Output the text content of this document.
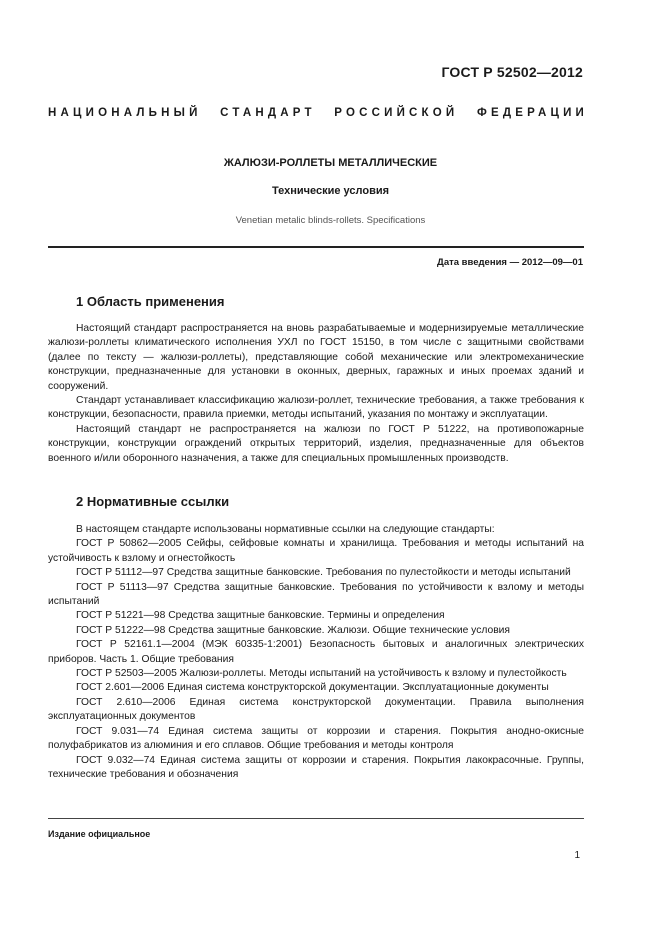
ГОСТ Р 52502—2012
НАЦИОНАЛЬНЫЙ СТАНДАРТ РОССИЙСКОЙ ФЕДЕРАЦИИ
ЖАЛЮЗИ-РОЛЛЕТЫ МЕТАЛЛИЧЕСКИЕ
Технические условия
Venetian metalic blinds-rollets. Specifications
Дата введения — 2012—09—01
1 Область применения

Настоящий стандарт распространяется на вновь разрабатываемые и модернизируемые металлические жалюзи-роллеты климатического исполнения УХЛ по ГОСТ 15150, в том числе с защитными свойствами (далее по тексту — жалюзи-роллеты), представляющие собой механические или электромеханические конструкции, предназначенные для установки в оконных, дверных, гаражных и иных проемах зданий и сооружений.

Стандарт устанавливает классификацию жалюзи-роллет, технические требования, а также требования к конструкции, безопасности, правила приемки, методы испытаний, указания по монтажу и эксплуатации.

Настоящий стандарт не распространяется на жалюзи по ГОСТ Р 51222, на противопожарные конструкции, конструкции ограждений открытых территорий, изделия, предназначенные для объектов военного и/или оборонного назначения, а также для специальных промышленных производств.

2 Нормативные ссылки

В настоящем стандарте использованы нормативные ссылки на следующие стандарты:

ГОСТ Р 50862—2005 Сейфы, сейфовые комнаты и хранилища. Требования и методы испытаний на устойчивость к взлому и огнестойкость

ГОСТ Р 51112—97 Средства защитные банковские. Требования по пулестойкости и методы испытаний

ГОСТ Р 51113—97 Средства защитные банковские. Требования по устойчивости к взлому и методы испытаний

ГОСТ Р 51221—98 Средства защитные банковские. Термины и определения

ГОСТ Р 51222—98 Средства защитные банковские. Жалюзи. Общие технические условия

ГОСТ Р 52161.1—2004 (МЭК 60335-1:2001) Безопасность бытовых и аналогичных электрических приборов. Часть 1. Общие требования

ГОСТ Р 52503—2005 Жалюзи-роллеты. Методы испытаний на устойчивость к взлому и пулестойкость

ГОСТ 2.601—2006 Единая система конструкторской документации. Эксплуатационные документы

ГОСТ 2.610—2006 Единая система конструкторской документации. Правила выполнения эксплуатационных документов

ГОСТ 9.031—74 Единая система защиты от коррозии и старения. Покрытия анодно-окисные полуфабрикатов из алюминия и его сплавов. Общие требования и методы контроля

ГОСТ 9.032—74 Единая система защиты от коррозии и старения. Покрытия лакокрасочные. Группы, технические требования и обозначения

Издание официальное
1
